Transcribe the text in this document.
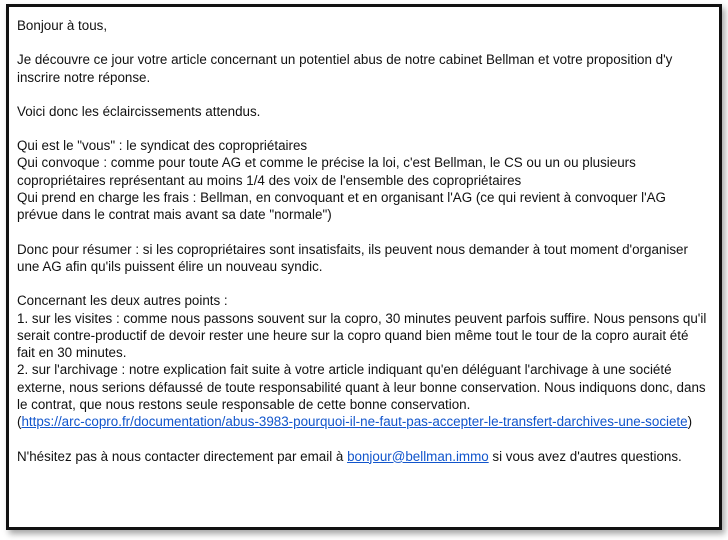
Bonjour à tous,

Je découvre ce jour votre article concernant un potentiel abus de notre cabinet Bellman et votre proposition d'y inscrire notre réponse.

Voici donc les éclaircissements attendus.

Qui est le "vous" : le syndicat des copropriétaires

Qui convoque : comme pour toute AG et comme le précise la loi, c'est Bellman, le CS ou un ou plusieurs copropriétaires représentant au moins 1/4 des voix de l'ensemble des copropriétaires

Qui prend en charge les frais : Bellman, en convoquant et en organisant l'AG (ce qui revient à convoquer l'AG prévue dans le contrat mais avant sa date "normale")

Donc pour résumer : si les copropriétaires sont insatisfaits, ils peuvent nous demander à tout moment d'organiser une AG afin qu'ils puissent élire un nouveau syndic.

Concernant les deux autres points :

1. sur les visites : comme nous passons souvent sur la copro, 30 minutes peuvent parfois suffire. Nous pensons qu'il serait contre-productif de devoir rester une heure sur la copro quand bien même tout le tour de la copro aurait été fait en 30 minutes.

2. sur l'archivage : notre explication fait suite à votre article indiquant qu'en déléguant l'archivage à une société externe, nous serions défaussé de toute responsabilité quant à leur bonne conservation. Nous indiquons donc, dans le contrat, que nous restons seule responsable de cette bonne conservation.

(https://arc-copro.fr/documentation/abus-3983-pourquoi-il-ne-faut-pas-accepter-le-transfert-darchives-une-societe)

N'hésitez pas à nous contacter directement par email à bonjour@bellman.immo si vous avez d'autres questions.
